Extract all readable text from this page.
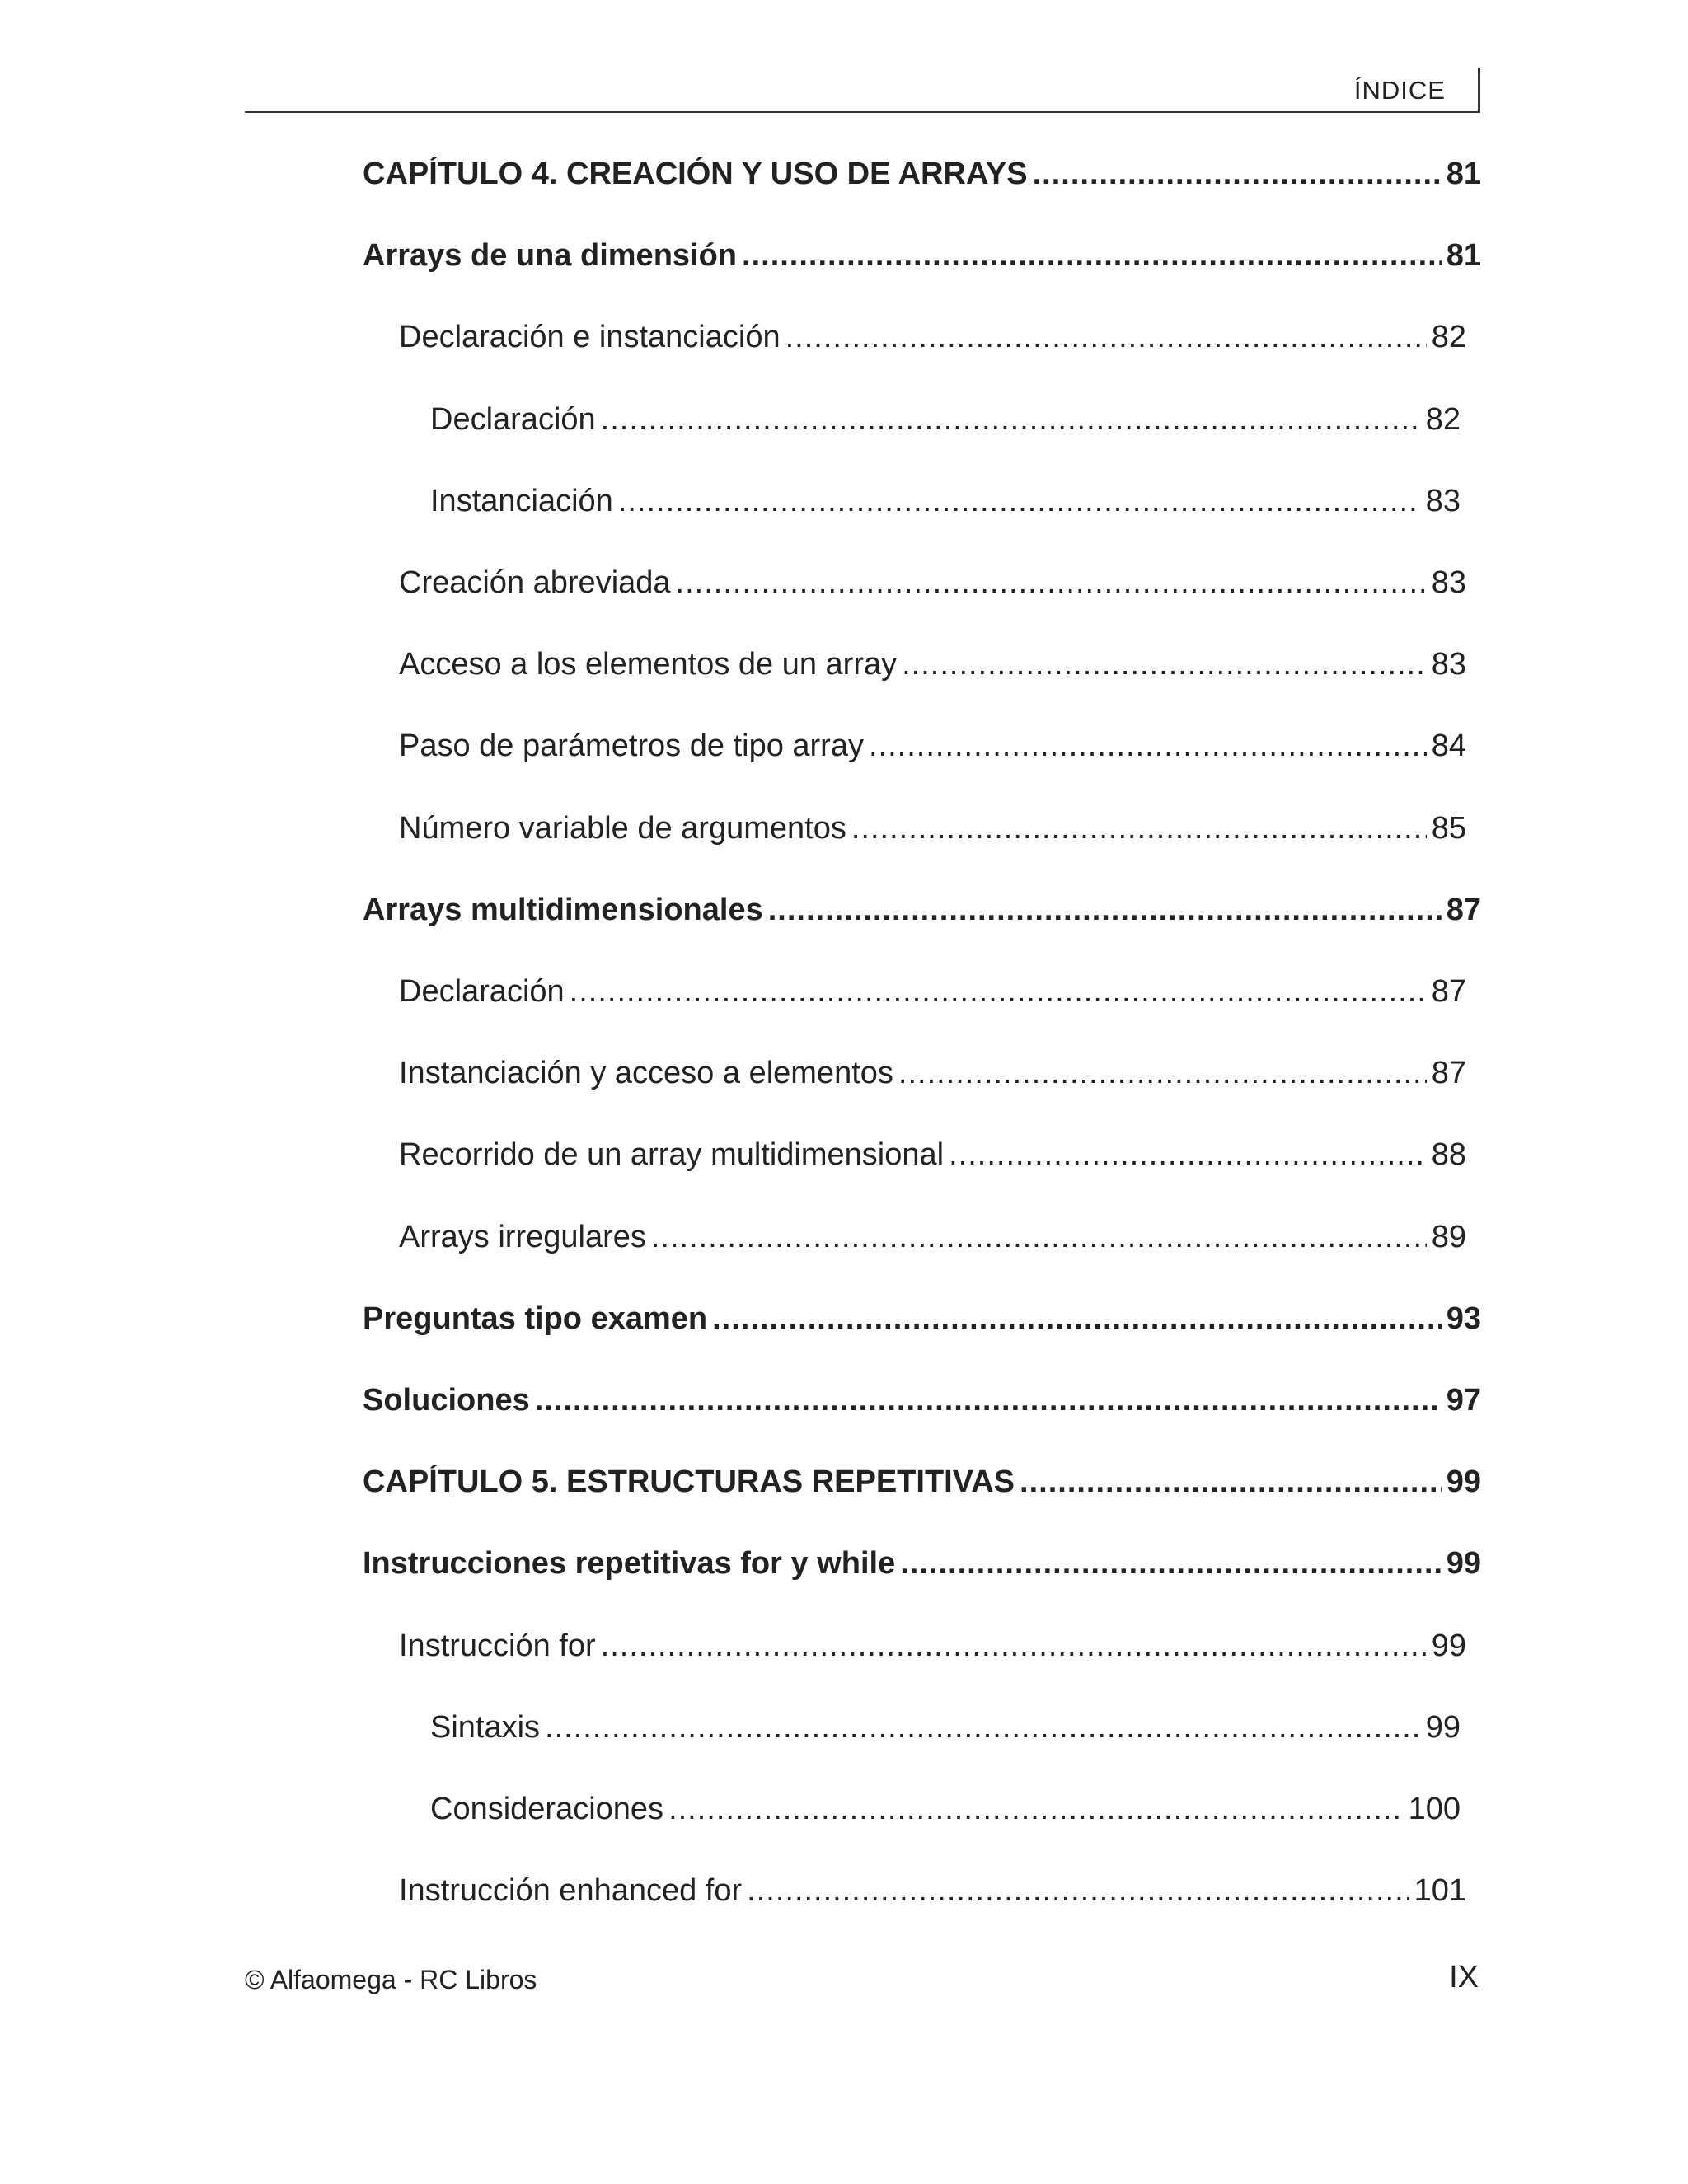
ÍNDICE
CAPÍTULO 4. CREACIÓN Y USO DE ARRAYS .....	81
Arrays de una dimensión .....	81
Declaración e instanciación .....	82
Declaración .....	82
Instanciación .....	83
Creación abreviada .....	83
Acceso a los elementos de un array .....	83
Paso de parámetros de tipo array .....	84
Número variable de argumentos .....	85
Arrays multidimensionales .....	87
Declaración .....	87
Instanciación y acceso a elementos .....	87
Recorrido de un array multidimensional .....	88
Arrays irregulares .....	89
Preguntas tipo examen .....	93
Soluciones .....	97
CAPÍTULO 5. ESTRUCTURAS REPETITIVAS .....	99
Instrucciones repetitivas for y while .....	99
Instrucción for .....	99
Sintaxis .....	99
Consideraciones .....	100
Instrucción enhanced for .....	101
© Alfaomega - RC Libros	IX
